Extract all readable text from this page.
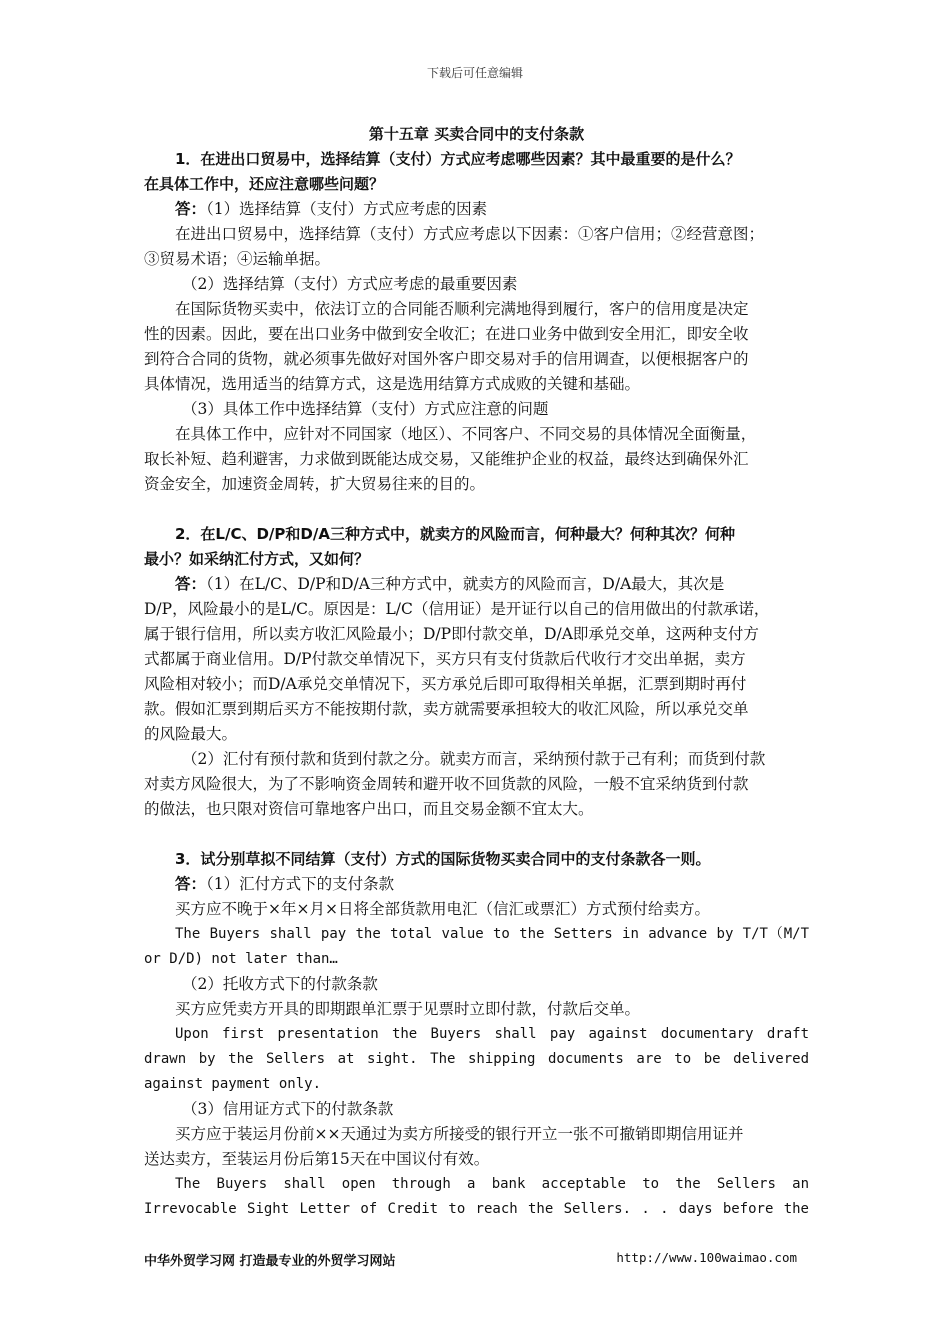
下载后可任意编辑
第十五章 买卖合同中的支付条款
1．在进出口贸易中，选择结算（支付）方式应考虑哪些因素？其中最重要的是什么？
在具体工作中，还应注意哪些问题？
答：（1）选择结算（支付）方式应考虑的因素
在进出口贸易中，选择结算（支付）方式应考虑以下因素：①客户信用；②经营意图；
③贸易术语；④运输单据。
（2）选择结算（支付）方式应考虑的最重要因素
在国际货物买卖中，依法订立的合同能否顺利完满地得到履行，客户的信用度是决定
性的因素。因此，要在出口业务中做到安全收汇；在进口业务中做到安全用汇，即安全收
到符合合同的货物，就必须事先做好对国外客户即交易对手的信用调查，以便根据客户的
具体情况，选用适当的结算方式，这是选用结算方式成败的关键和基础。
（3）具体工作中选择结算（支付）方式应注意的问题
在具体工作中，应针对不同国家（地区）、不同客户、不同交易的具体情况全面衡量，
取长补短、趋利避害，力求做到既能达成交易，又能维护企业的权益，最终达到确保外汇
资金安全，加速资金周转，扩大贸易往来的目的。
2．在L/C、D/P和D/A三种方式中，就卖方的风险而言，何种最大？何种其次？何种
最小？如采纳汇付方式，又如何？
答：（1）在L/C、D/P和D/A三种方式中，就卖方的风险而言，D/A最大，其次是
D/P，风险最小的是L/C。原因是：L/C（信用证）是开证行以自己的信用做出的付款承诺，
属于银行信用，所以卖方收汇风险最小；D/P即付款交单，D/A即承兑交单，这两种支付方
式都属于商业信用。D/P付款交单情况下，买方只有支付货款后代收行才交出单据，卖方
风险相对较小；而D/A承兑交单情况下，买方承兑后即可取得相关单据，汇票到期时再付
款。假如汇票到期后买方不能按期付款，卖方就需要承担较大的收汇风险，所以承兑交单
的风险最大。
（2）汇付有预付款和货到付款之分。就卖方而言，采纳预付款于己有利；而货到付款
对卖方风险很大，为了不影响资金周转和避开收不回货款的风险，一般不宜采纳货到付款
的做法，也只限对资信可靠地客户出口，而且交易金额不宜太大。
3．试分别草拟不同结算（支付）方式的国际货物买卖合同中的支付条款各一则。
答：（1）汇付方式下的支付条款
买方应不晚于×年×月×日将全部货款用电汇（信汇或票汇）方式预付给卖方。
The Buyers shall pay the total value to the Setters in advance by T/T（M/T
or D/D) not later than…
（2）托收方式下的付款条款
买方应凭卖方开具的即期跟单汇票于见票时立即付款，付款后交单。
Upon first presentation the Buyers shall pay against documentary draft
drawn by the Sellers at sight. The shipping documents are to be delivered
against payment only.
（3）信用证方式下的付款条款
买方应于装运月份前××天通过为卖方所接受的银行开立一张不可撤销即期信用证并
送达卖方，至装运月份后第15天在中国议付有效。
The Buyers shall open through a bank acceptable to the Sellers an
Irrevocable Sight Letter of Credit to reach the Sellers. . . days before the
中华外贸学习网 打造最专业的外贸学习网站	http://www.100waimao.com
